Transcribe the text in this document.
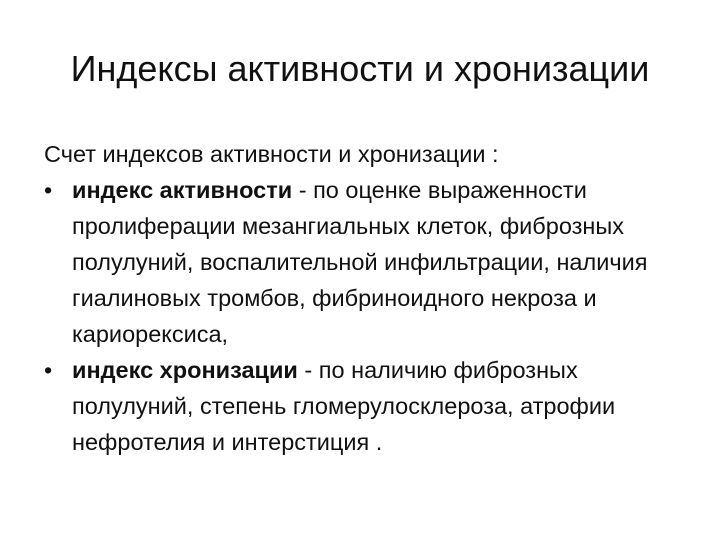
Индексы активности и хронизации

Счет индексов активности и хронизации :

• индекс активности - по оценке выраженности пролиферации мезангиальных клеток, фиброзных полулуний, воспалительной инфильтрации, наличия гиалиновых тромбов, фибриноидного некроза и кариорексиса,
• индекс хронизации - по наличию фиброзных полулуний, степень гломерулосклероза, атрофии нефротелия и интерстиция .
